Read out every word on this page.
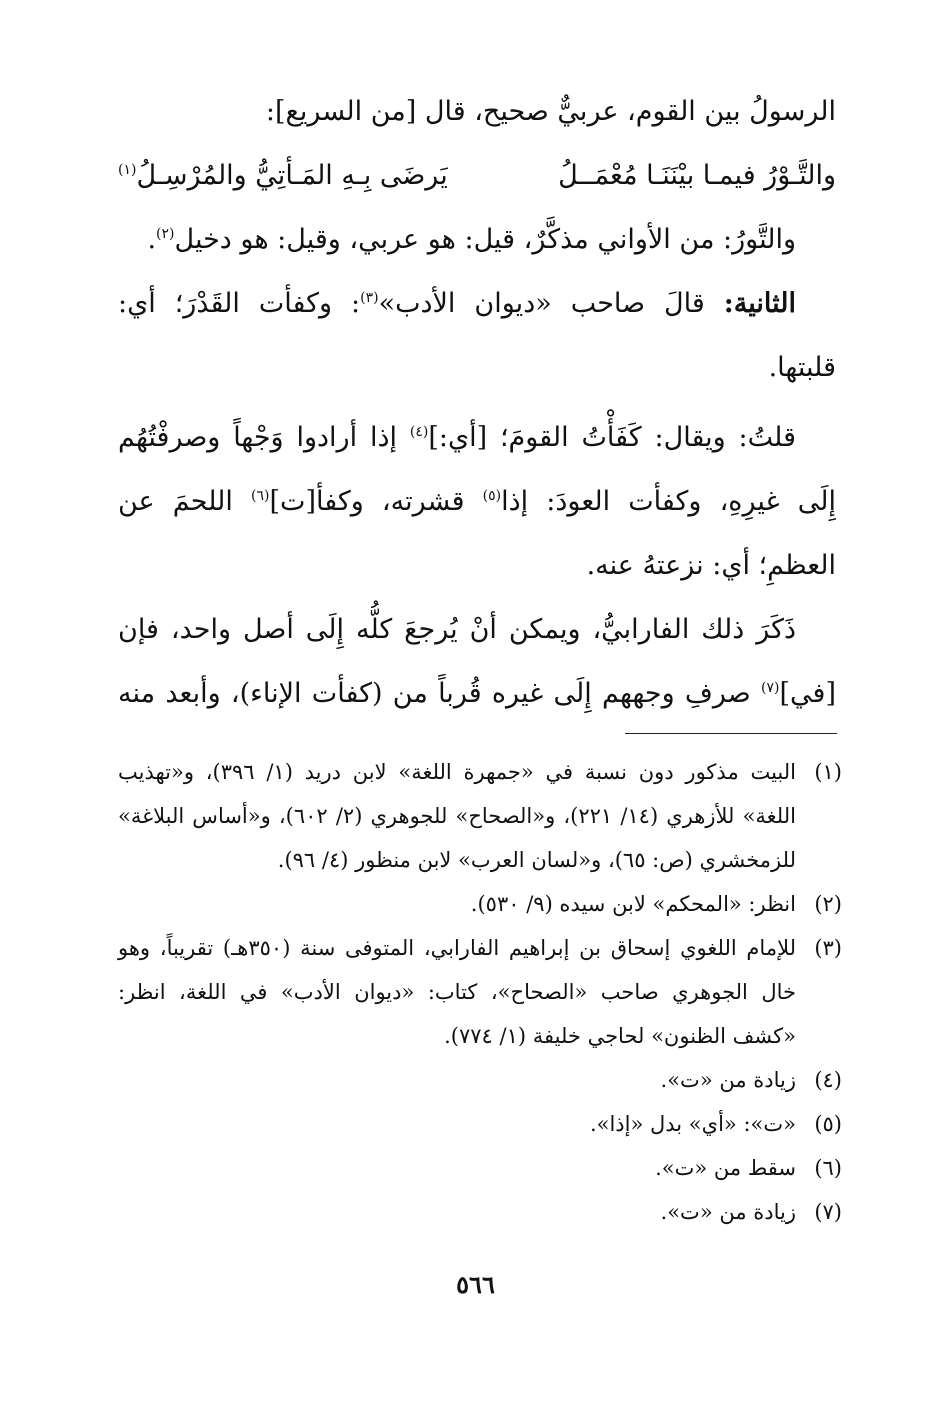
الرسولُ بين القوم، عربيٌّ صحيح، قال [من السريع]:
والتَّـوْرُ فيمـا بيْنَنَـا مُعْمَــلُ
يَرضَى بِـهِ المَـأتِيُّ والمُرْسِـلُ$^{(١)}$
والتَّورُ: من الأواني مذكَّرٌ، قيل: هو عربي، وقيل: هو دخيل$^{(٢)}$.
الثانية: قالَ صاحب «ديوان الأدب»$^{(٣)}$: وكفأت القَدْرَ؛ أي:
قلبتها.
قلتُ: ويقال: كَفَأْتُ القومَ؛ [أي:]$^{(٤)}$ إذا أرادوا وَجْهاً وصرفْتُهُم
إِلَى غيرِهِ، وكفأت العودَ: إذا$^{(٥)}$ قشرته، وكفأ[ت]$^{(٦)}$ اللحمَ عن
العظمِ؛ أي: نزعتهُ عنه.
ذَكَرَ ذلك الفارابيُّ، ويمكن أنْ يُرجعَ كلُّه إِلَى أصل واحد، فإن
[في]$^{(٧)}$ صرفِ وجههم إِلَى غيره قُرباً من (كفأت الإناء)، وأبعد منه
(١)
البيت مذكور دون نسبة في «جمهرة اللغة» لابن دريد (١/ ٣٩٦)، و«تهذيب اللغة» للأزهري (١٤/ ٢٢١)، و«الصحاح» للجوهري (٢/ ٦٠٢)، و«أساس البلاغة» للزمخشري (ص: ٦٥)، و«لسان العرب» لابن منظور (٤/ ٩٦).
(٢)
انظر: «المحكم» لابن سيده (٩/ ٥٣٠).
(٣)
للإمام اللغوي إسحاق بن إبراهيم الفارابي، المتوفى سنة (٣٥٠هـ) تقريباً، وهو خال الجوهري صاحب «الصحاح»، كتاب: «ديوان الأدب» في اللغة، انظر: «كشف الظنون» لحاجي خليفة (١/ ٧٧٤).
(٤)
زيادة من «ت».
(٥)
«ت»: «أي» بدل «إذا».
(٦)
سقط من «ت».
(٧)
زيادة من «ت».
٥٦٦
